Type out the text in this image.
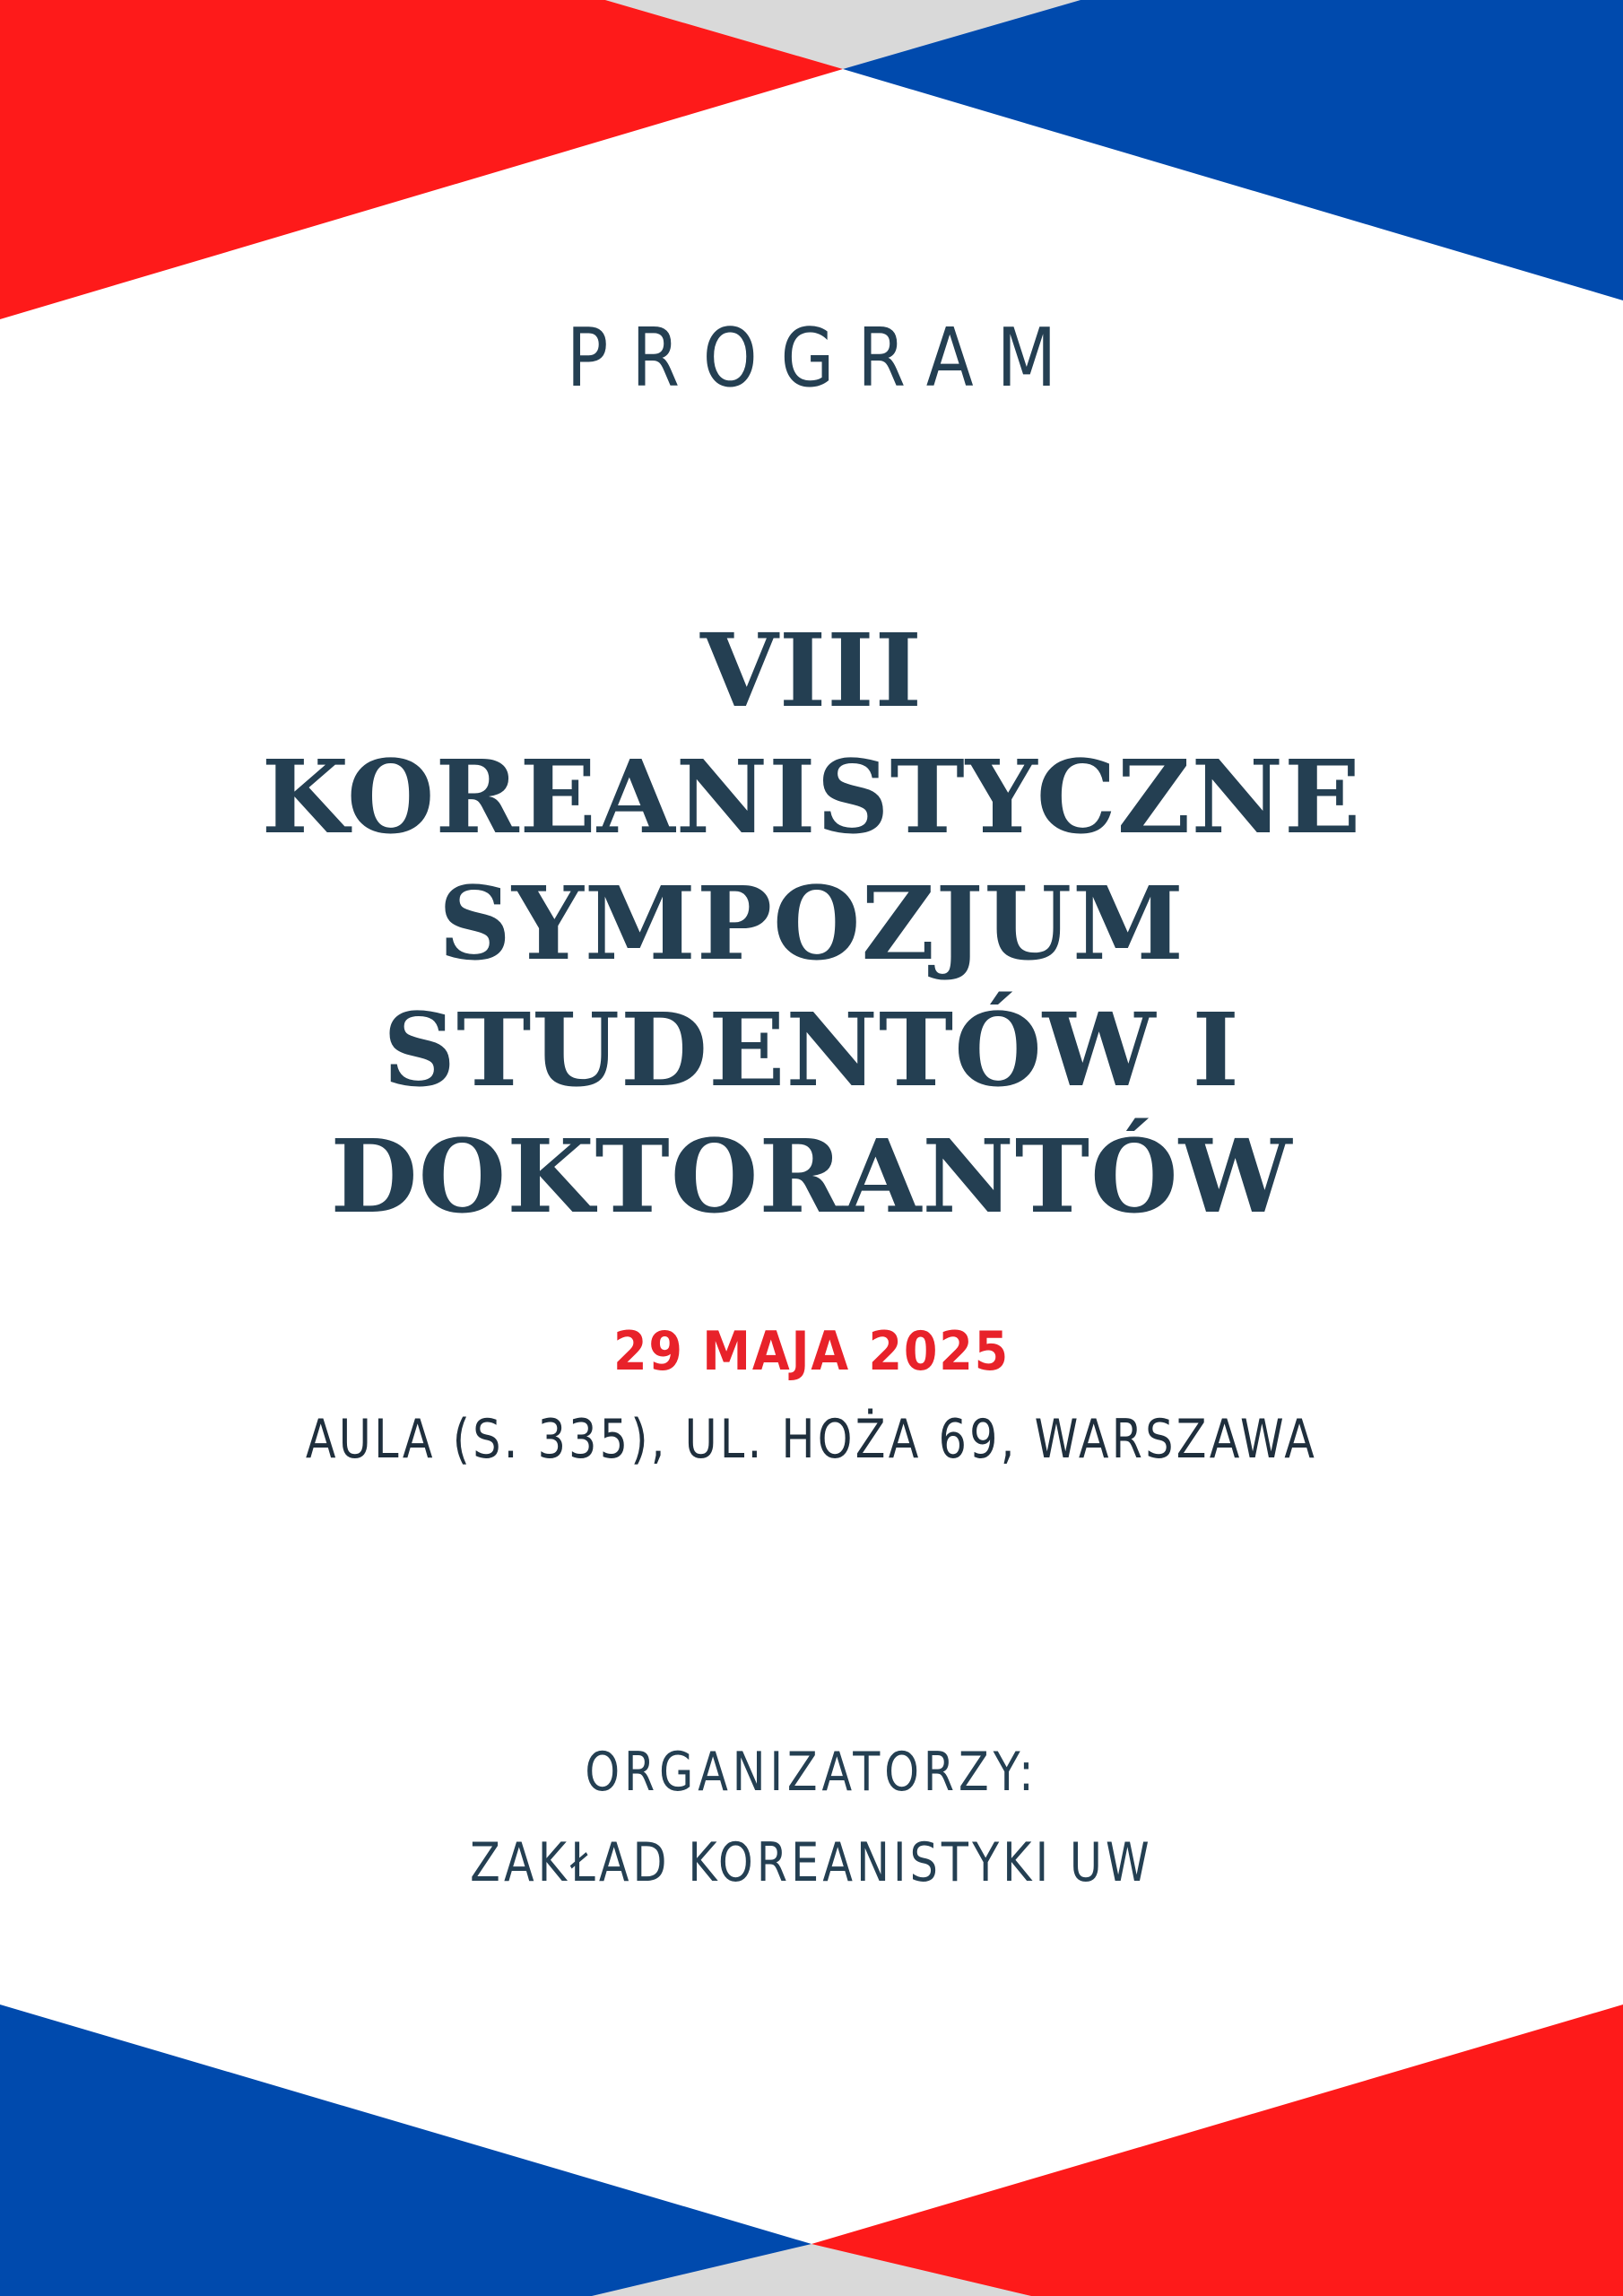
PROGRAM
VIII
KOREANISTYCZNE
SYMPOZJUM
STUDENTÓW I
DOKTORANTÓW
29 MAJA 2025
AULA (S. 335), UL. HOŻA 69, WARSZAWA
ORGANIZATORZY:
ZAKŁAD KOREANISTYKI UW
